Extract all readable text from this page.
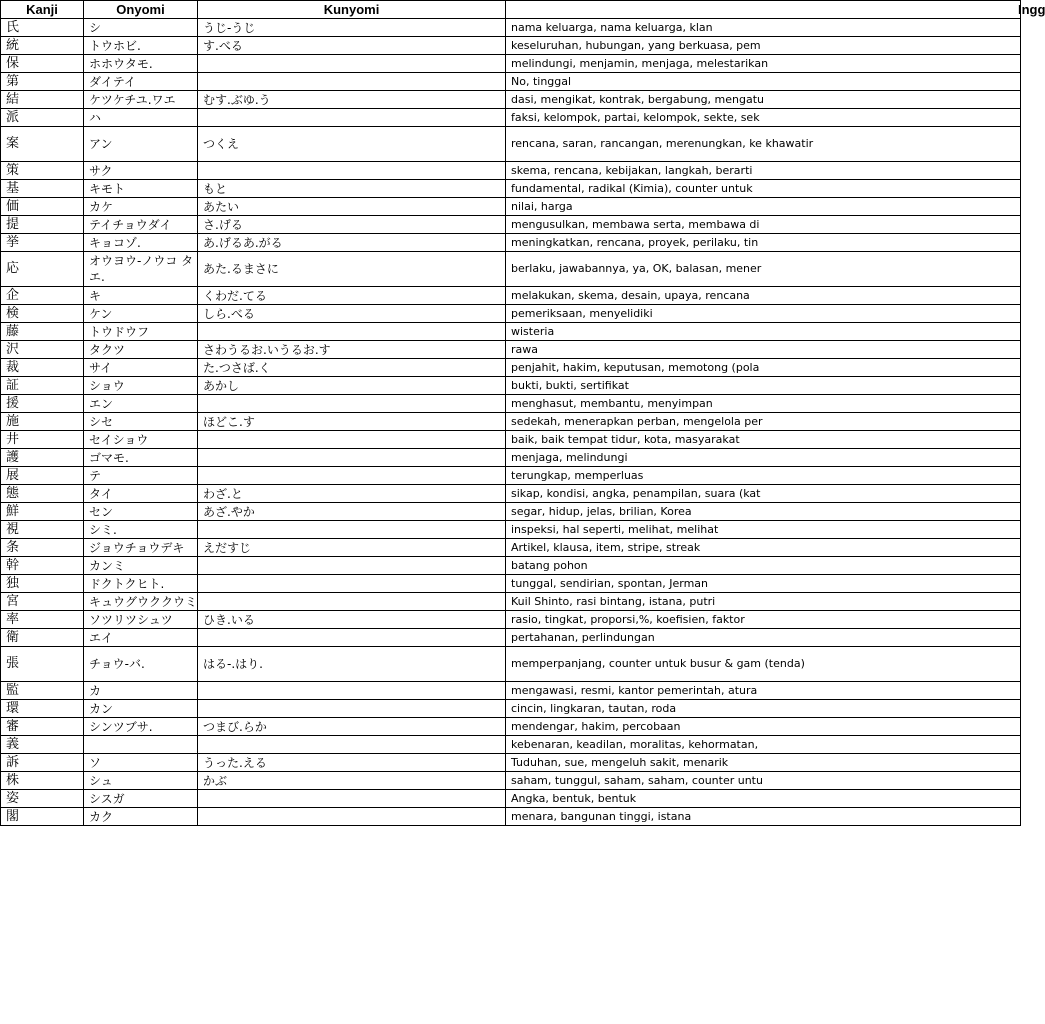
Kanji	Onyomi	Kunyomi	Ingg
氏	シ	うじ-うじ	nama keluarga, nama keluarga, klan
統	トウホビ.	す.べる	keseluruhan, hubungan, yang berkuasa, pem
保	ホホウタモ.		melindungi, menjamin, menjaga, melestarikan
第	ダイテイ		No, tinggal
結	ケツケチユ.ワエ	むす.ぶゆ.う	dasi, mengikat, kontrak, bergabung, mengatu
派	ハ		faksi, kelompok, partai, kelompok, sekte, sek
案	アン	つくえ	rencana, saran, rancangan, merenungkan, ke khawatir
策	サク		skema, rencana, kebijakan, langkah, berarti
基	キモト	もと	fundamental, radikal (Kimia), counter untuk
価	カケ	あたい	nilai, harga
提	テイチョウダイ	さ.げる	mengusulkan, membawa serta, membawa di
挙	キョコゾ.	あ.げるあ.がる	meningkatkan, rencana, proyek, perilaku, tin
応	オウヨウ-ノウコ タエ.	あた.るまさに	berlaku, jawabannya, ya, OK, balasan, mener
企	キ	くわだ.てる	melakukan, skema, desain, upaya, rencana
検	ケン	しら.べる	pemeriksaan, menyelidiki
藤	トウドウフ		wisteria
沢	タクツ	さわうるお.いうるお.す	rawa
裁	サイ	た.つさば.く	penjahit, hakim, keputusan, memotong (pola
証	ショウ	あかし	bukti, bukti, sertifikat
援	エン		menghasut, membantu, menyimpan
施	シセ	ほどこ.す	sedekah, menerapkan perban, mengelola per
井	セイショウ		baik, baik tempat tidur, kota, masyarakat
護	ゴマモ.		menjaga, melindungi
展	テ		terungkap, memperluas
態	タイ	わざ.と	sikap, kondisi, angka, penampilan, suara (kat
鮮	セン	あざ.やか	segar, hidup, jelas, brilian, Korea
視	シミ.		inspeksi, hal seperti, melihat, melihat
条	ジョウチョウデキ	えだすじ	Artikel, klausa, item, stripe, streak
幹	カンミ		batang pohon
独	ドクトクヒト.		tunggal, sendirian, spontan, Jerman
宮	キュウグウククウミ		Kuil Shinto, rasi bintang, istana, putri
率	ソツリツシュツ	ひき.いる	rasio, tingkat, proporsi,%, koefisien, faktor
衛	エイ		pertahanan, perlindungan
張	チョウ-バ.	はる-.はり.	memperpanjang, counter untuk busur & gam (tenda)
監	カ		mengawasi, resmi, kantor pemerintah, atura
環	カン		cincin, lingkaran, tautan, roda
審	シンツブサ.	つまび.らか	mendengar, hakim, percobaan
義			kebenaran, keadilan, moralitas, kehormatan,
訴	ソ	うった.える	Tuduhan, sue, mengeluh sakit, menarik
株	シュ	かぶ	saham, tunggul, saham, saham, counter untu
姿	シスガ		Angka, bentuk, bentuk
閣	カク		menara, bangunan tinggi, istana
